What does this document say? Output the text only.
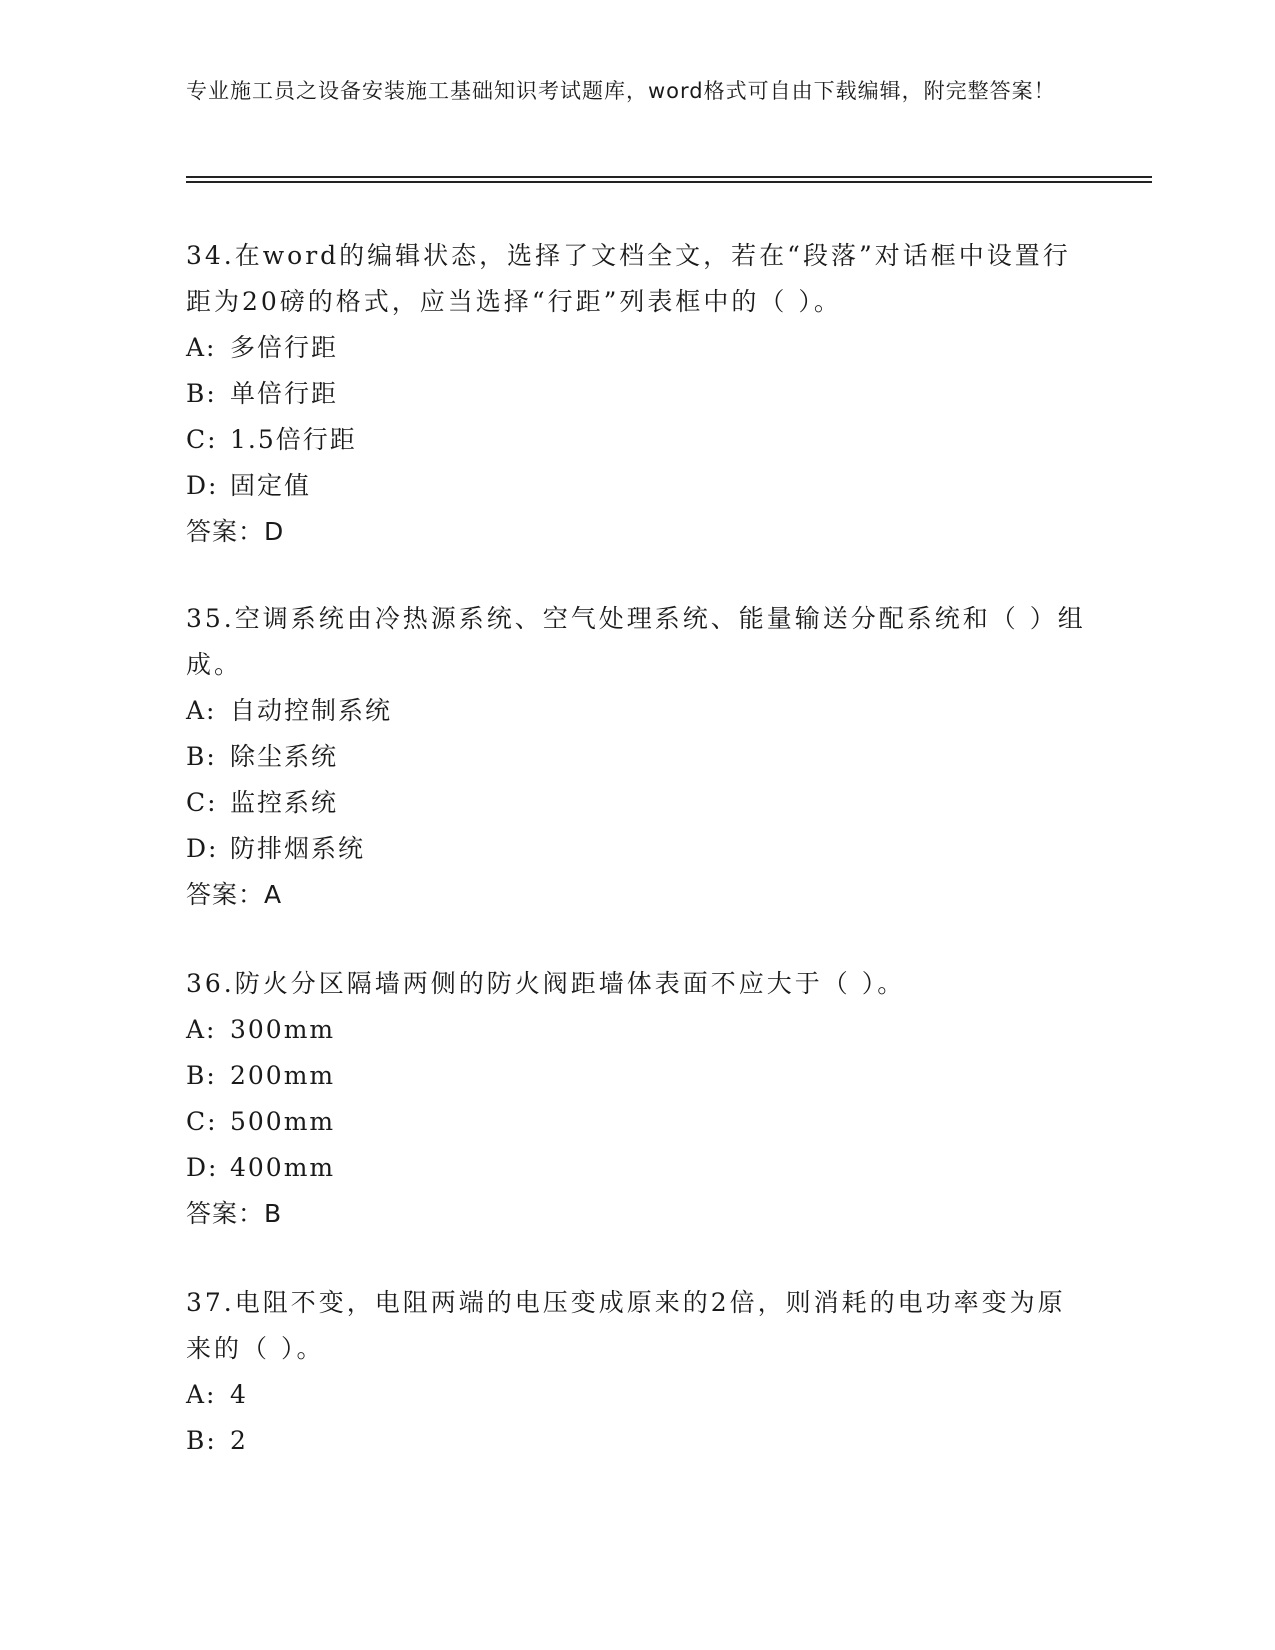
专业施工员之设备安装施工基础知识考试题库，word格式可自由下载编辑，附完整答案！
34.在word的编辑状态，选择了文档全文，若在“段落”对话框中设置行距为20磅的格式，应当选择“行距”列表框中的（ ）。
A: 多倍行距
B: 单倍行距
C: 1.5倍行距
D: 固定值
答案：D
35.空调系统由冷热源系统、空气处理系统、能量输送分配系统和（ ）组成。
A: 自动控制系统
B: 除尘系统
C: 监控系统
D: 防排烟系统
答案：A
36.防火分区隔墙两侧的防火阀距墙体表面不应大于（ ）。
A: 300mm
B: 200mm
C: 500mm
D: 400mm
答案：B
37.电阻不变，电阻两端的电压变成原来的2倍，则消耗的电功率变为原来的（ ）。
A: 4
B: 2
